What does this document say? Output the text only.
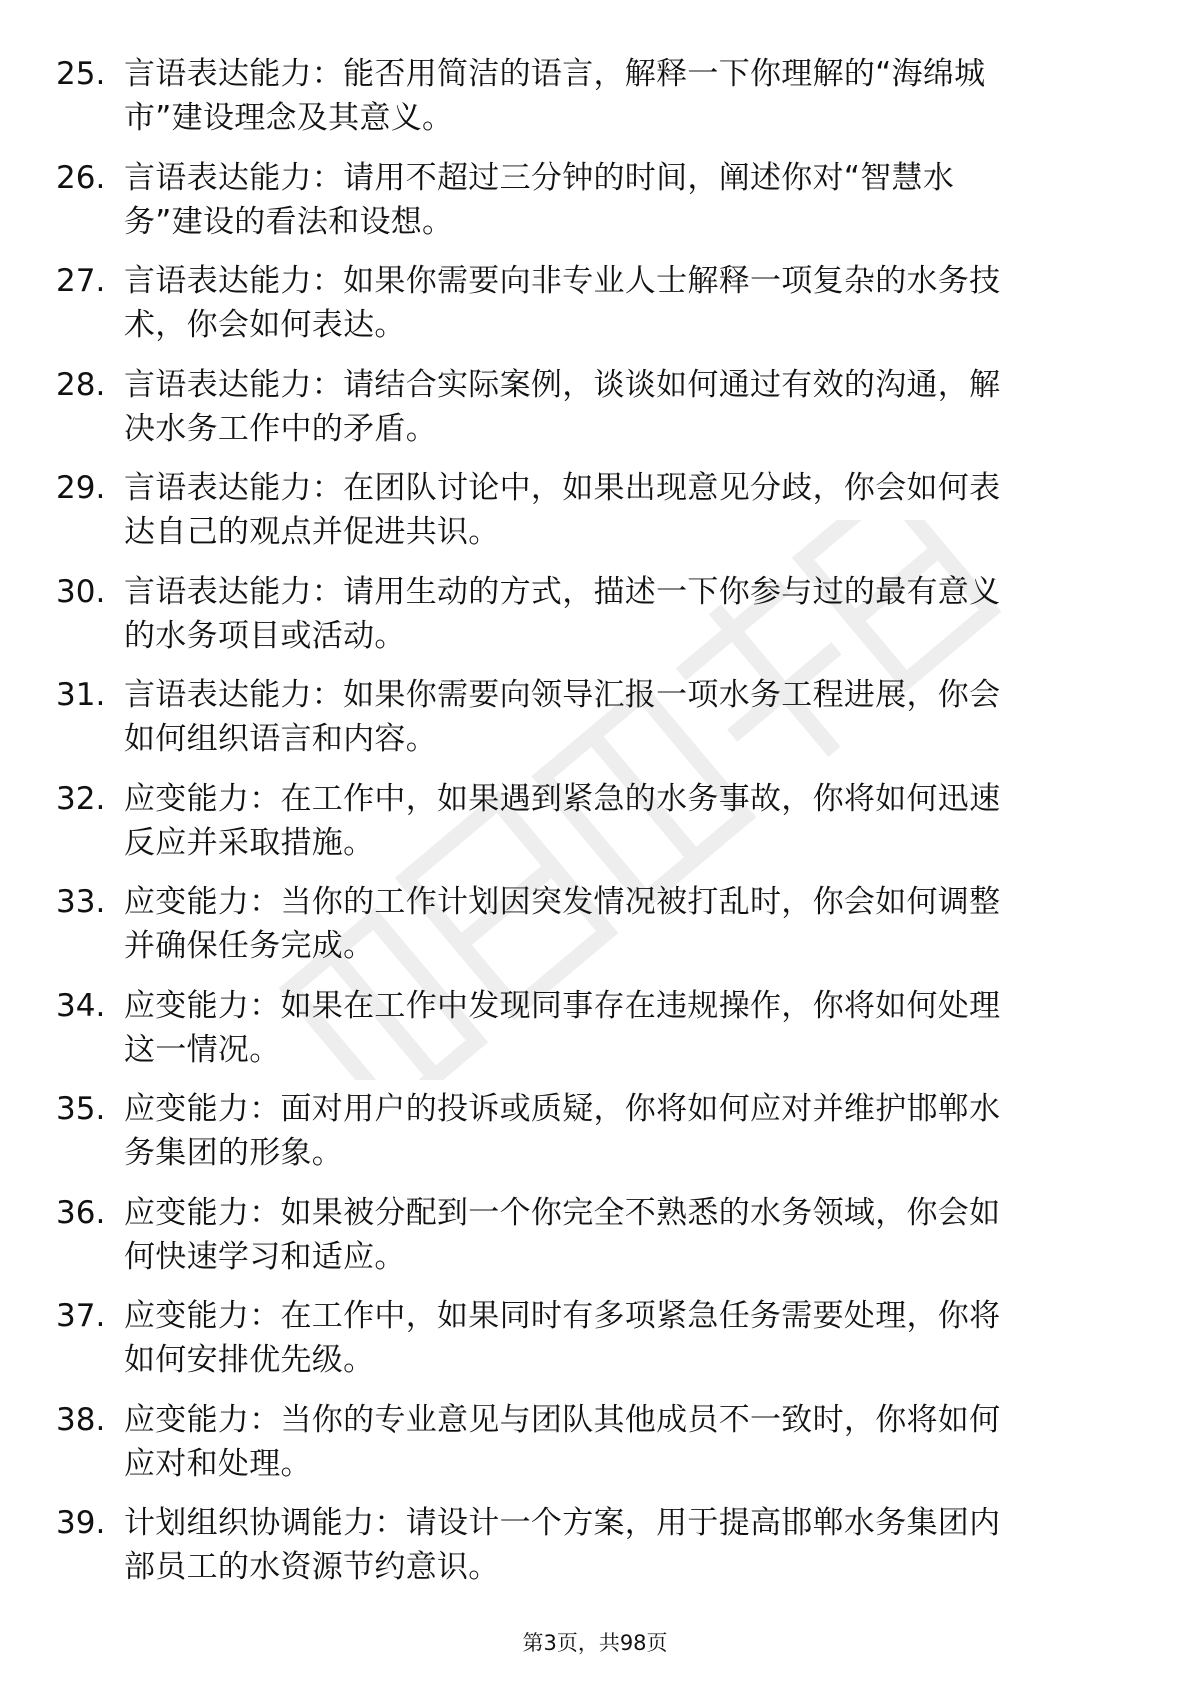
25. 言语表达能力：能否用简洁的语言，解释一下你理解的“海绵城
市”建设理念及其意义。
26. 言语表达能力：请用不超过三分钟的时间，阐述你对“智慧水
务”建设的看法和设想。
27. 言语表达能力：如果你需要向非专业人士解释一项复杂的水务技
术，你会如何表达。
28. 言语表达能力：请结合实际案例，谈谈如何通过有效的沟通，解
决水务工作中的矛盾。
29. 言语表达能力：在团队讨论中，如果出现意见分歧，你会如何表
达自己的观点并促进共识。
30. 言语表达能力：请用生动的方式，描述一下你参与过的最有意义
的水务项目或活动。
31. 言语表达能力：如果你需要向领导汇报一项水务工程进展，你会
如何组织语言和内容。
32. 应变能力：在工作中，如果遇到紧急的水务事故，你将如何迅速
反应并采取措施。
33. 应变能力：当你的工作计划因突发情况被打乱时，你会如何调整
并确保任务完成。
34. 应变能力：如果在工作中发现同事存在违规操作，你将如何处理
这一情况。
35. 应变能力：面对用户的投诉或质疑，你将如何应对并维护邯郸水
务集团的形象。
36. 应变能力：如果被分配到一个你完全不熟悉的水务领域，你会如
何快速学习和适应。
37. 应变能力：在工作中，如果同时有多项紧急任务需要处理，你将
如何安排优先级。
38. 应变能力：当你的专业意见与团队其他成员不一致时，你将如何
应对和处理。
39. 计划组织协调能力：请设计一个方案，用于提高邯郸水务集团内
部员工的水资源节约意识。
第3页，共98页
